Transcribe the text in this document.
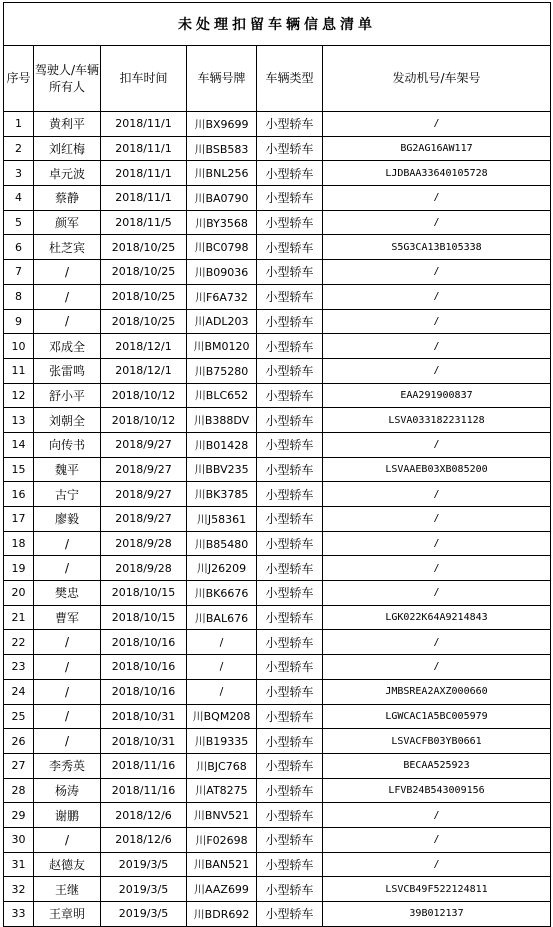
未处理扣留车辆信息清单					
序号	驾驶人/车辆所有人	扣车时间	车辆号牌	车辆类型	发动机号/车架号
1	黄利平	2018/11/1	川BX9699	小型轿车	/
2	刘红梅	2018/11/1	川BSB583	小型轿车	BG2AG16AW117
3	卓元波	2018/11/1	川BNL256	小型轿车	LJDBAA33640105728
4	蔡静	2018/11/1	川BA0790	小型轿车	/
5	颜军	2018/11/5	川BY3568	小型轿车	/
6	杜芝宾	2018/10/25	川BC0798	小型轿车	S5G3CA13B105338
7	/	2018/10/25	川B09036	小型轿车	/
8	/	2018/10/25	川F6A732	小型轿车	/
9	/	2018/10/25	川ADL203	小型轿车	/
10	邓成全	2018/12/1	川BM0120	小型轿车	/
11	张雷鸣	2018/12/1	川B75280	小型轿车	/
12	舒小平	2018/10/12	川BLC652	小型轿车	EAA291900837
13	刘朝全	2018/10/12	川B388DV	小型轿车	LSVA033182231128
14	向传书	2018/9/27	川B01428	小型轿车	/
15	魏平	2018/9/27	川BBV235	小型轿车	LSVAAEB03XB085200
16	古宁	2018/9/27	川BK3785	小型轿车	/
17	廖毅	2018/9/27	川J58361	小型轿车	/
18	/	2018/9/28	川B85480	小型轿车	/
19	/	2018/9/28	川J26209	小型轿车	/
20	樊忠	2018/10/15	川BK6676	小型轿车	/
21	曹军	2018/10/15	川BAL676	小型轿车	LGK022K64A9214843
22	/	2018/10/16	/	小型轿车	/
23	/	2018/10/16	/	小型轿车	/
24	/	2018/10/16	/	小型轿车	JMBSREA2AXZ000660
25	/	2018/10/31	川BQM208	小型轿车	LGWCAC1A5BC005979
26	/	2018/10/31	川B19335	小型轿车	LSVACFB03YB0661
27	李秀英	2018/11/16	川BJC768	小型轿车	BECAA525923
28	杨涛	2018/11/16	川AT8275	小型轿车	LFVB24B543009156
29	谢鹏	2018/12/6	川BNV521	小型轿车	/
30	/	2018/12/6	川F02698	小型轿车	/
31	赵德友	2019/3/5	川BAN521	小型轿车	/
32	王继	2019/3/5	川AAZ699	小型轿车	LSVCB49F522124811
33	王章明	2019/3/5	川BDR692	小型轿车	39B012137
